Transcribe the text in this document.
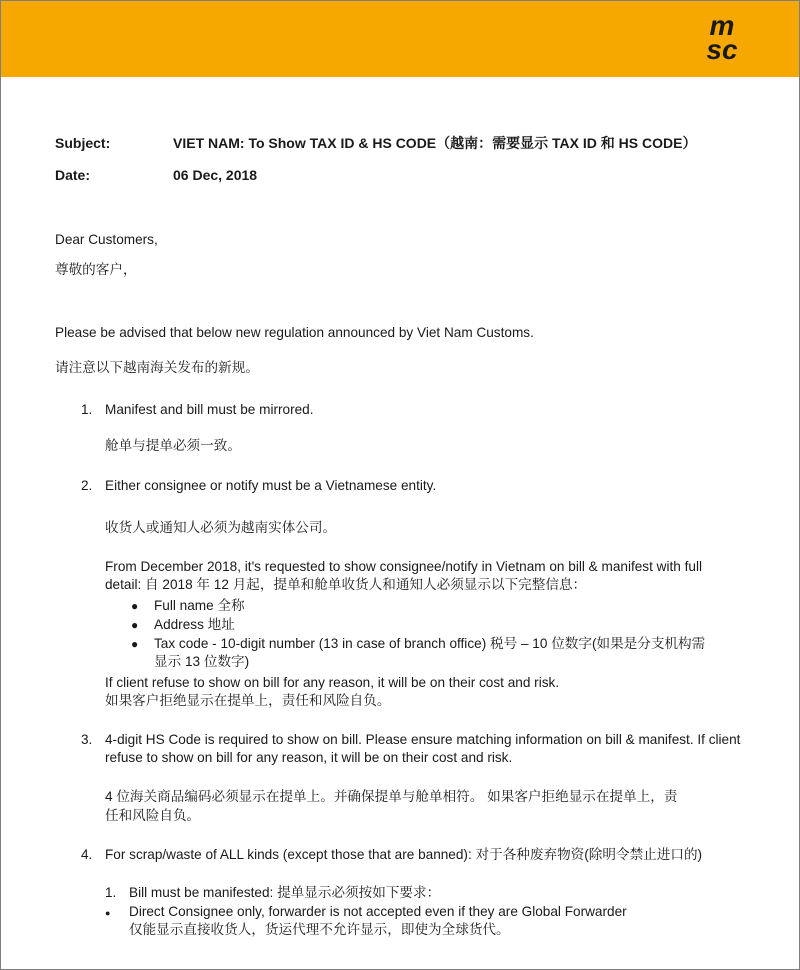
m
sc
Subject:	VIET NAM: To Show TAX ID & HS CODE（越南：需要显示 TAX ID 和 HS CODE）
Date:	06 Dec, 2018
Dear Customers,
尊敬的客户，
Please be advised that below new regulation announced by Viet Nam Customs.
请注意以下越南海关发布的新规。
1. Manifest and bill must be mirrored.
舱单与提单必须一致。
2. Either consignee or notify must be a Vietnamese entity.
收货人或通知人必须为越南实体公司。
From December 2018, it's requested to show consignee/notify in Vietnam on bill & manifest with full
detail: 自 2018 年 12 月起，提单和舱单收货人和通知人必须显示以下完整信息：
● Full name 全称
● Address 地址
● Tax code - 10-digit number (13 in case of branch office) 税号 – 10 位数字(如果是分支机构需
显示 13 位数字)
If client refuse to show on bill for any reason, it will be on their cost and risk.
如果客户拒绝显示在提单上，责任和风险自负。
3. 4-digit HS Code is required to show on bill. Please ensure matching information on bill & manifest. If client
refuse to show on bill for any reason, it will be on their cost and risk.
4 位海关商品编码必须显示在提单上。并确保提单与舱单相符。 如果客户拒绝显示在提单上，责
任和风险自负。
4. For scrap/waste of ALL kinds (except those that are banned): 对于各种废弃物资(除明令禁止进口的)
1. Bill must be manifested: 提单显示必须按如下要求：
● Direct Consignee only, forwarder is not accepted even if they are Global Forwarder
仅能显示直接收货人，货运代理不允许显示，即使为全球货代。
